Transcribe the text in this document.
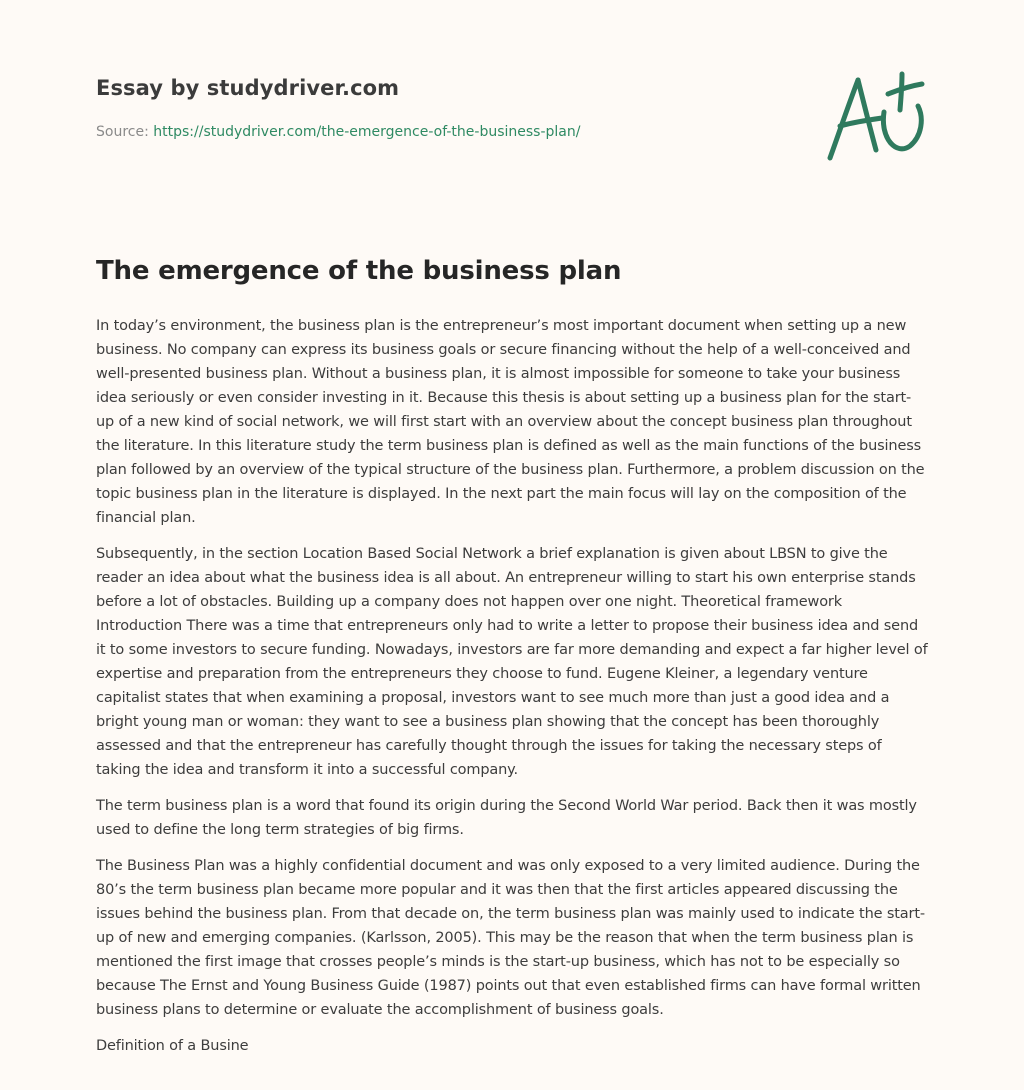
Essay by studydriver.com
Source: https://studydriver.com/the-emergence-of-the-business-plan/
The emergence of the business plan

In today’s environment, the business plan is the entrepreneur’s most important document when setting up a new business. No company can express its business goals or secure financing without the help of a well-conceived and well-presented business plan. Without a business plan, it is almost impossible for someone to take your business idea seriously or even consider investing in it. Because this thesis is about setting up a business plan for the start-up of a new kind of social network, we will first start with an overview about the concept business plan throughout the literature. In this literature study the term business plan is defined as well as the main functions of the business plan followed by an overview of the typical structure of the business plan. Furthermore, a problem discussion on the topic business plan in the literature is displayed. In the next part the main focus will lay on the composition of the financial plan.

Subsequently, in the section Location Based Social Network a brief explanation is given about LBSN to give the reader an idea about what the business idea is all about. An entrepreneur willing to start his own enterprise stands before a lot of obstacles. Building up a company does not happen over one night. Theoretical framework Introduction There was a time that entrepreneurs only had to write a letter to propose their business idea and send it to some investors to secure funding. Nowadays, investors are far more demanding and expect a far higher level of expertise and preparation from the entrepreneurs they choose to fund. Eugene Kleiner, a legendary venture capitalist states that when examining a proposal, investors want to see much more than just a good idea and a bright young man or woman: they want to see a business plan showing that the concept has been thoroughly assessed and that the entrepreneur has carefully thought through the issues for taking the necessary steps of taking the idea and transform it into a successful company.

The term business plan is a word that found its origin during the Second World War period. Back then it was mostly used to define the long term strategies of big firms.

The Business Plan was a highly confidential document and was only exposed to a very limited audience. During the 80’s the term business plan became more popular and it was then that the first articles appeared discussing the issues behind the business plan. From that decade on, the term business plan was mainly used to indicate the start-up of new and emerging companies. (Karlsson, 2005). This may be the reason that when the term business plan is mentioned the first image that crosses people’s minds is the start-up business, which has not to be especially so because The Ernst and Young Business Guide (1987) points out that even established firms can have formal written business plans to determine or evaluate the accomplishment of business goals.

Definition of a Busine
